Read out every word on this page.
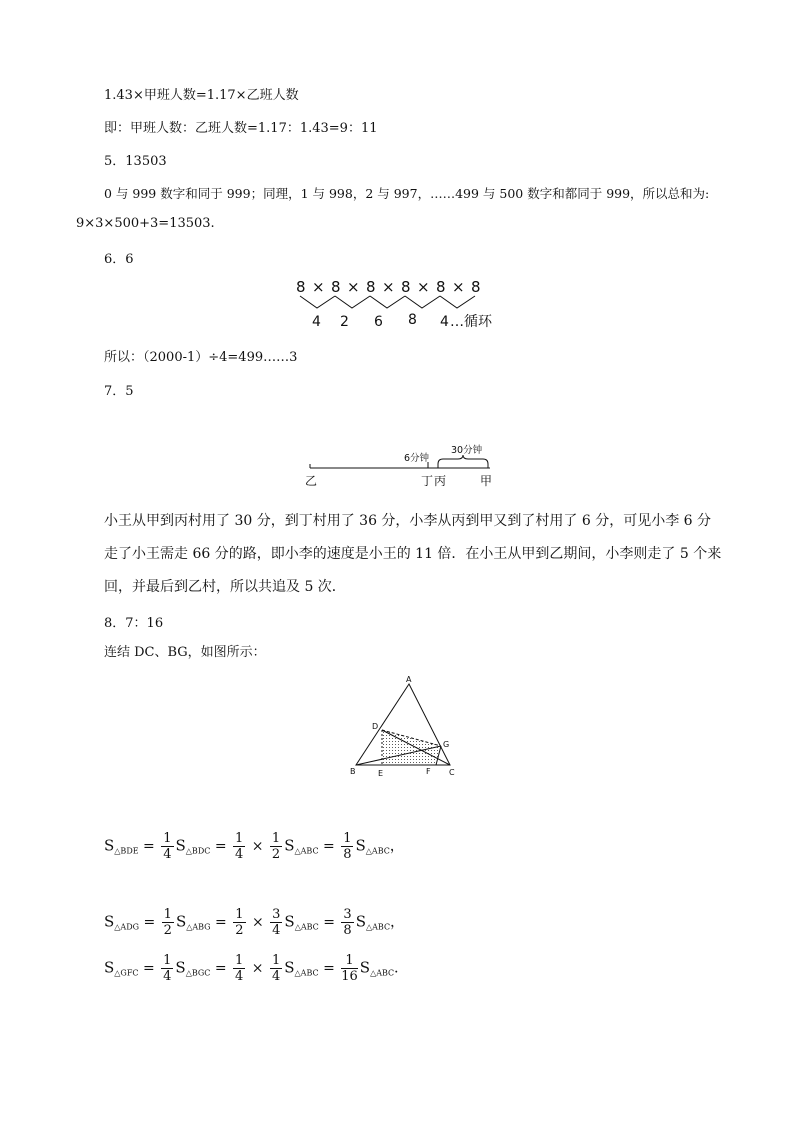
1.43×甲班人数=1.17×乙班人数
即：甲班人数：乙班人数=1.17：1.43=9：11
5．13503
0 与 999 数字和同于 999；同理，1 与 998，2 与 997，……499 与 500 数字和都同于 999，所以总和为:
9×3×500+3=13503.
6．6
8 × 8 × 8 × 8 × 8 × 8
4 2 6 8 4 …循环
所以：（2000-1）÷4=499……3
7．5
6分钟
30分钟
乙	丁 丙	甲
小王从甲到丙村用了 30 分，到丁村用了 36 分，小李从丙到甲又到了村用了 6 分，可见小李 6 分走了小王需走 66 分的路，即小李的速度是小王的 11 倍．在小王从甲到乙期间，小李则走了 5 个来回，并最后到乙村，所以共追及 5 次．
8．7：16
连结 DC、BG，如图所示：
A
D
G
B	E	F C
$S_{\triangle BDE} = \frac{1}{4} S_{\triangle BDC} = \frac{1}{4} \times \frac{1}{2} S_{\triangle ABC} = \frac{1}{8} S_{\triangle ABC}$，
$S_{\triangle ADG} = \frac{1}{2} S_{\triangle ABG} = \frac{1}{2} \times \frac{3}{4} S_{\triangle ABC} = \frac{3}{8} S_{\triangle ABC}$，
$S_{\triangle GFC} = \frac{1}{4} S_{\triangle BGC} = \frac{1}{4} \times \frac{1}{4} S_{\triangle ABC} = \frac{1}{16} S_{\triangle ABC}$．
